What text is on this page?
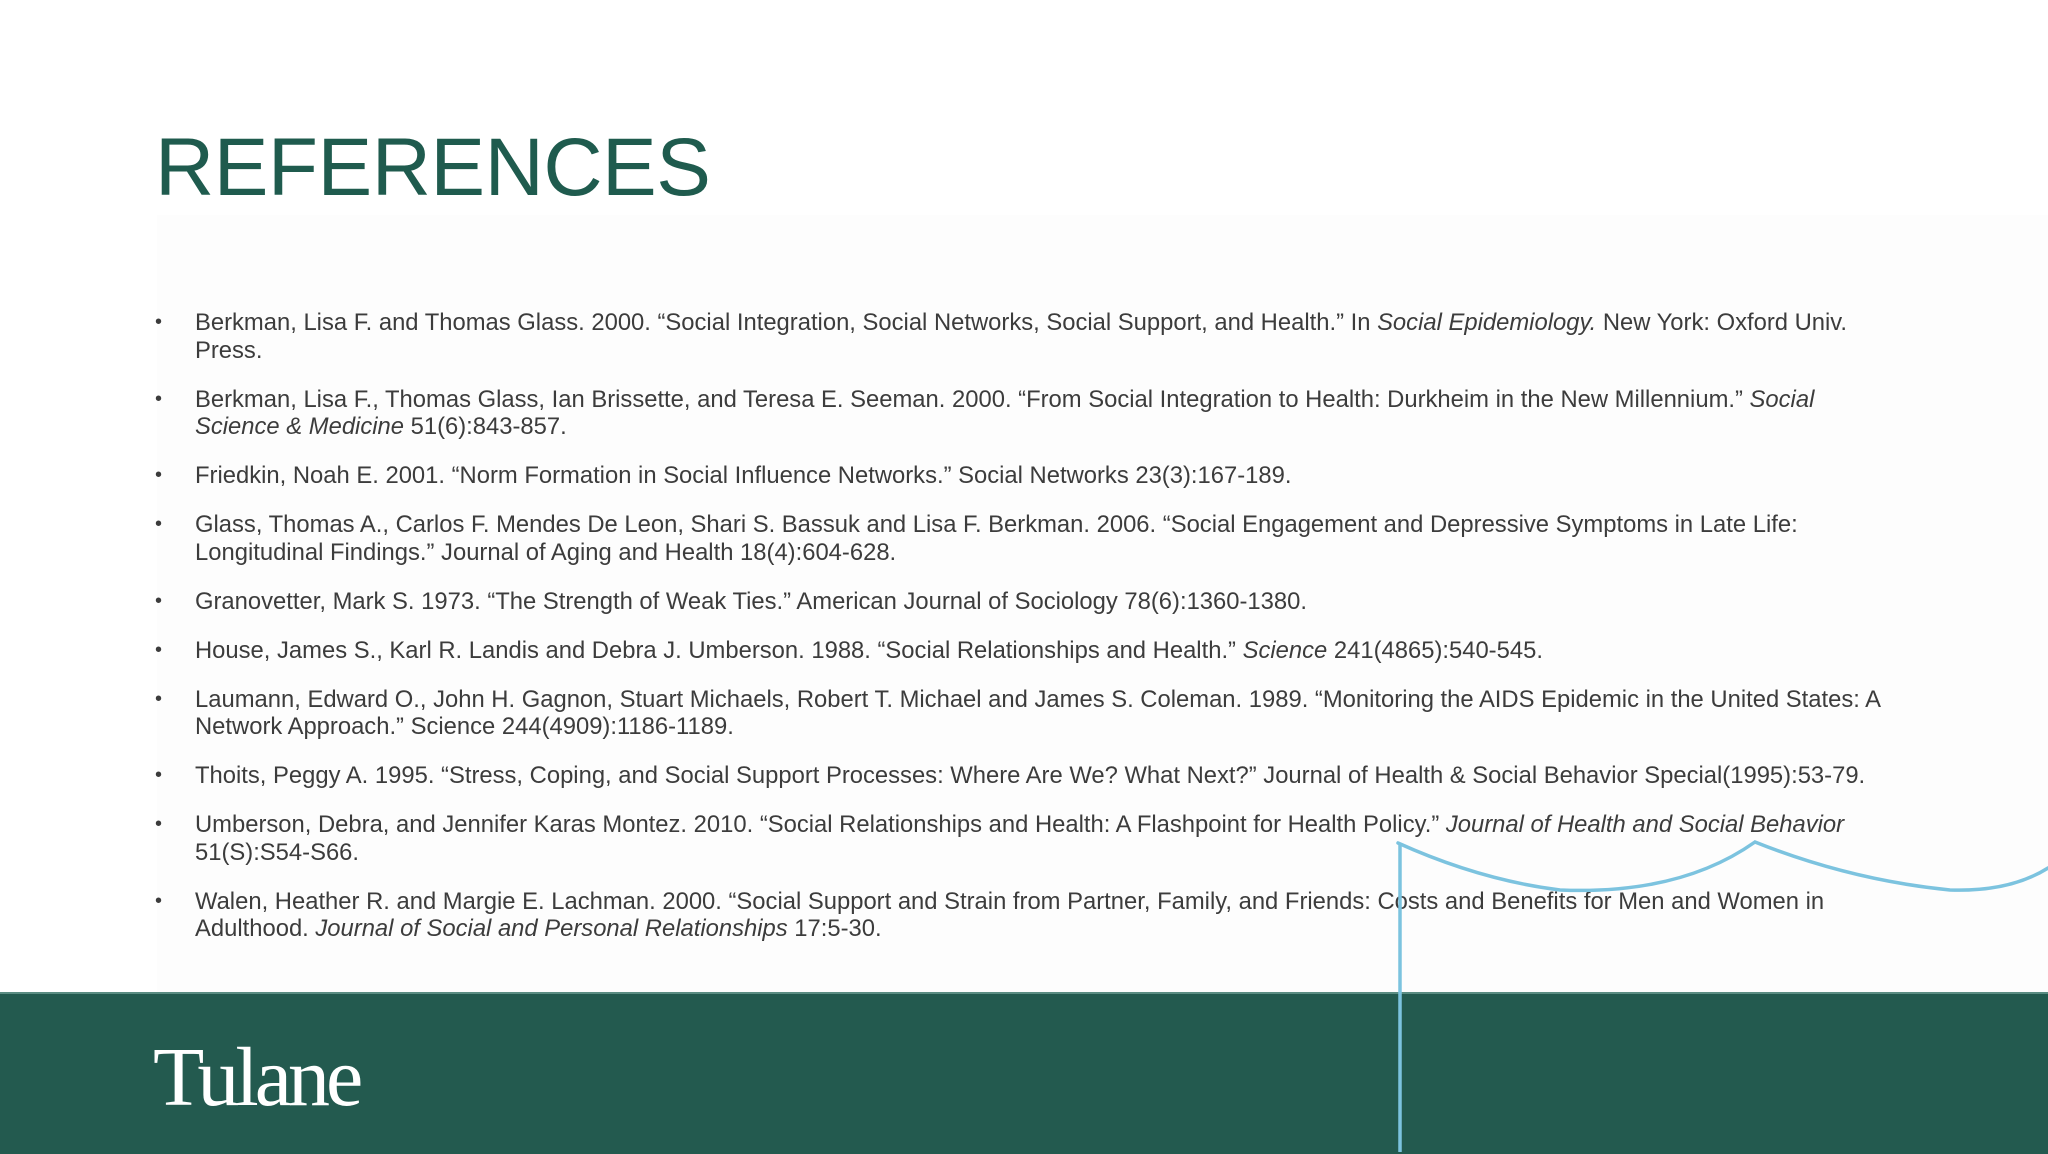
REFERENCES
•	Berkman, Lisa F. and Thomas Glass. 2000. “Social Integration, Social Networks, Social Support, and Health.” In Social Epidemiology. New York: Oxford Univ. Press.
•	Berkman, Lisa F., Thomas Glass, Ian Brissette, and Teresa E. Seeman. 2000. “From Social Integration to Health: Durkheim in the New Millennium.” Social Science & Medicine 51(6):843-857.
•	Friedkin, Noah E. 2001. “Norm Formation in Social Influence Networks.” Social Networks 23(3):167-189.
•	Glass, Thomas A., Carlos F. Mendes De Leon, Shari S. Bassuk and Lisa F. Berkman. 2006. “Social Engagement and Depressive Symptoms in Late Life: Longitudinal Findings.” Journal of Aging and Health 18(4):604-628.
•	Granovetter, Mark S. 1973. “The Strength of Weak Ties.” American Journal of Sociology 78(6):1360-1380.
•	House, James S., Karl R. Landis and Debra J. Umberson. 1988. “Social Relationships and Health.” Science 241(4865):540-545.
•	Laumann, Edward O., John H. Gagnon, Stuart Michaels, Robert T. Michael and James S. Coleman. 1989. “Monitoring the AIDS Epidemic in the United States: A Network Approach.” Science 244(4909):1186-1189.
•	Thoits, Peggy A. 1995. “Stress, Coping, and Social Support Processes: Where Are We? What Next?” Journal of Health & Social Behavior Special(1995):53-79.
•	Umberson, Debra, and Jennifer Karas Montez. 2010. “Social Relationships and Health: A Flashpoint for Health Policy.” Journal of Health and Social Behavior 51(S):S54-S66.
•	Walen, Heather R. and Margie E. Lachman. 2000. “Social Support and Strain from Partner, Family, and Friends: Costs and Benefits for Men and Women in Adulthood. Journal of Social and Personal Relationships 17:5-30.
Tulane
